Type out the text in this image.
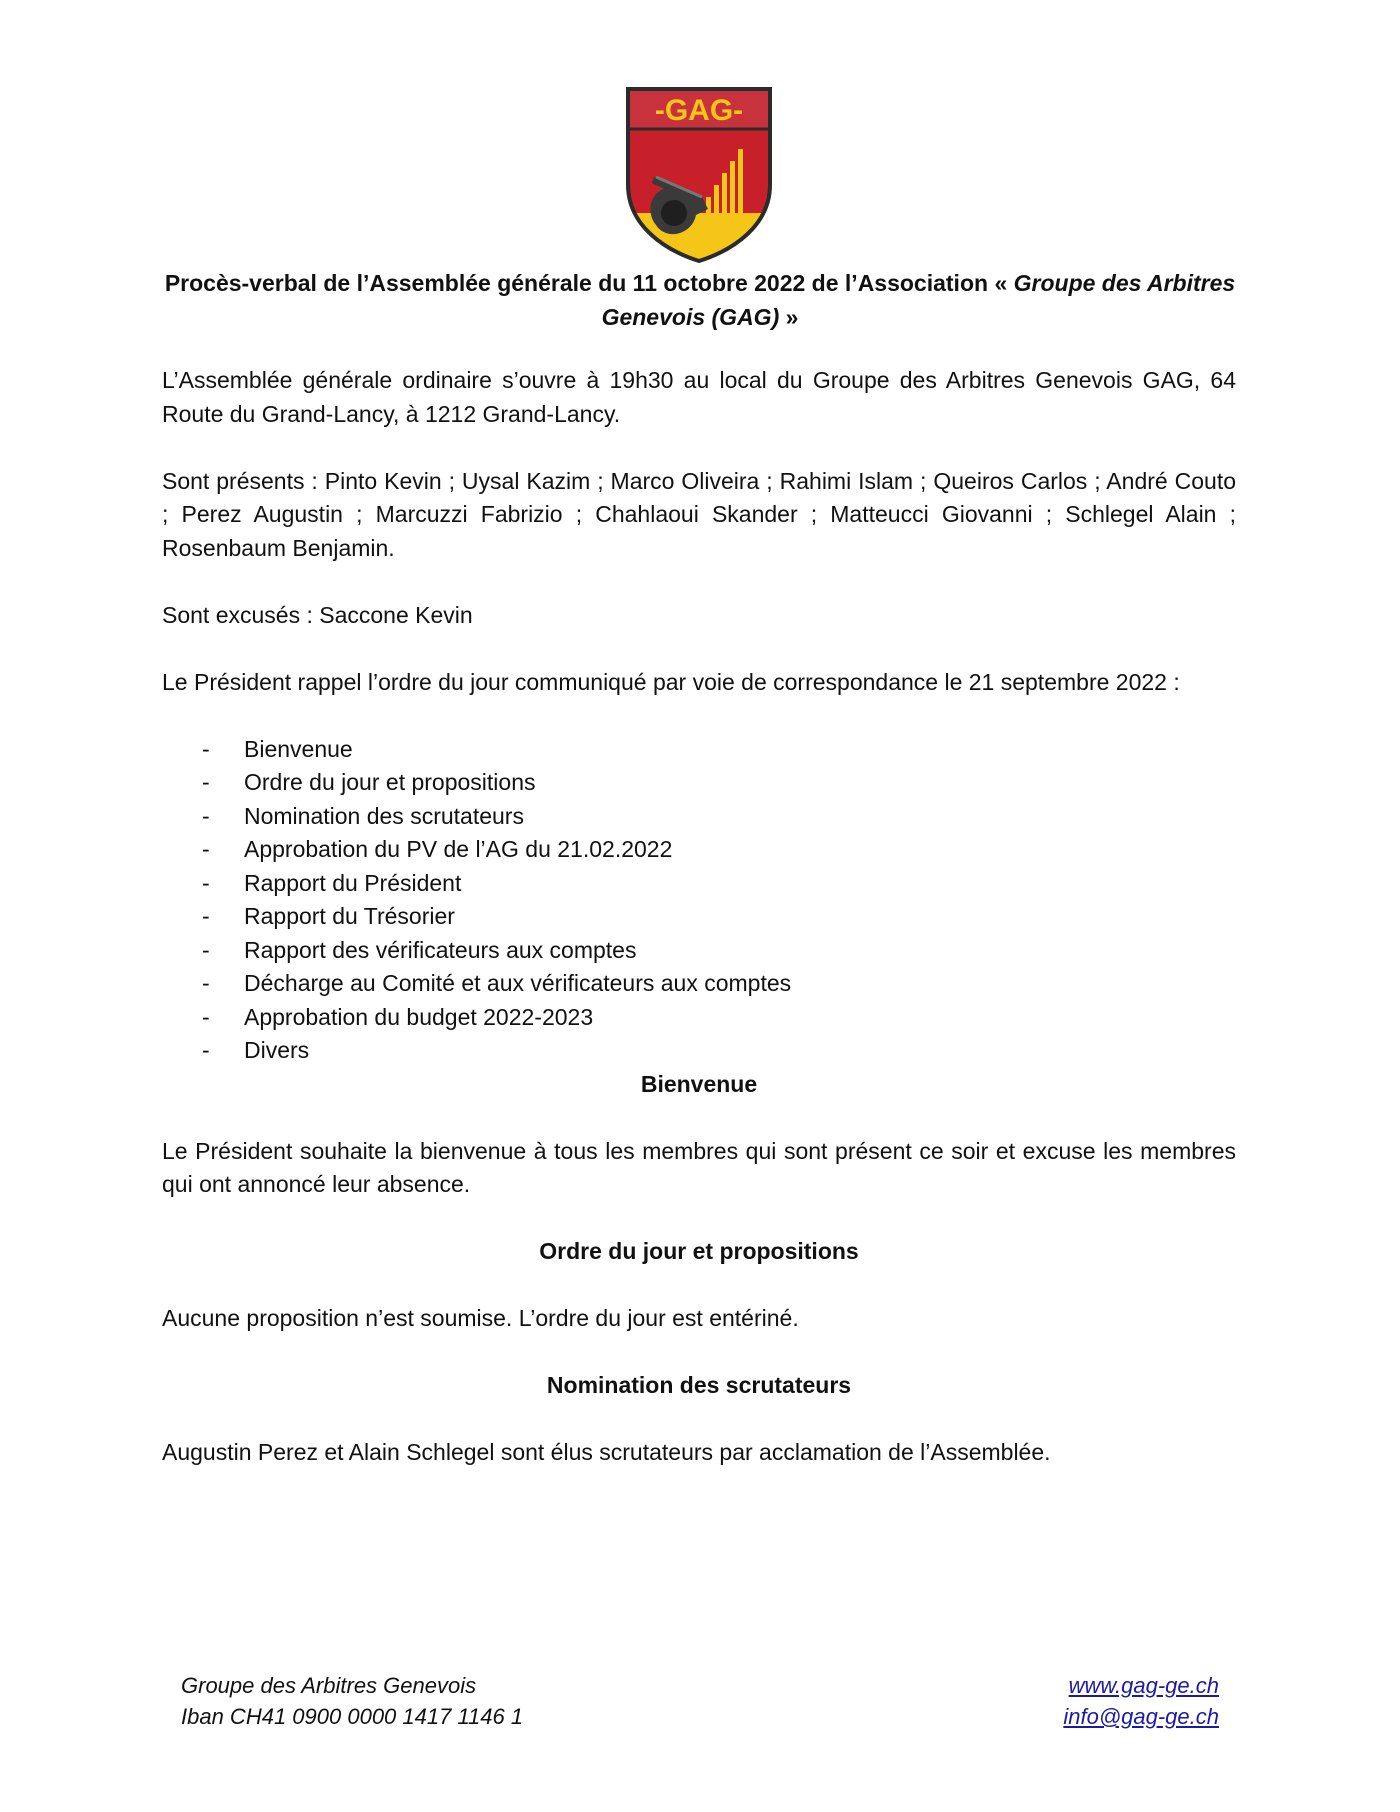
-GAG-
Procès-verbal de l’Assemblée générale du 11 octobre 2022 de l’Association « Groupe des Arbitres Genevois (GAG) »

L’Assemblée générale ordinaire s’ouvre à 19h30 au local du Groupe des Arbitres Genevois GAG, 64 Route du Grand-Lancy, à 1212 Grand-Lancy.

Sont présents : Pinto Kevin ; Uysal Kazim ; Marco Oliveira ; Rahimi Islam ; Queiros Carlos ; André Couto ; Perez Augustin ; Marcuzzi Fabrizio ; Chahlaoui Skander ; Matteucci Giovanni ; Schlegel Alain ; Rosenbaum Benjamin.

Sont excusés : Saccone Kevin

Le Président rappel l’ordre du jour communiqué par voie de correspondance le 21 septembre 2022 :

- Bienvenue
- Ordre du jour et propositions
- Nomination des scrutateurs
- Approbation du PV de l’AG du 21.02.2022
- Rapport du Président
- Rapport du Trésorier
- Rapport des vérificateurs aux comptes
- Décharge au Comité et aux vérificateurs aux comptes
- Approbation du budget 2022-2023
- Divers
Bienvenue

Le Président souhaite la bienvenue à tous les membres qui sont présent ce soir et excuse les membres qui ont annoncé leur absence.

Ordre du jour et propositions

Aucune proposition n’est soumise. L’ordre du jour est entériné.

Nomination des scrutateurs

Augustin Perez et Alain Schlegel sont élus scrutateurs par acclamation de l’Assemblée.

Groupe des Arbitres Genevois
Iban CH41 0900 0000 1417 1146 1
www.gag-ge.ch
info@gag-ge.ch
